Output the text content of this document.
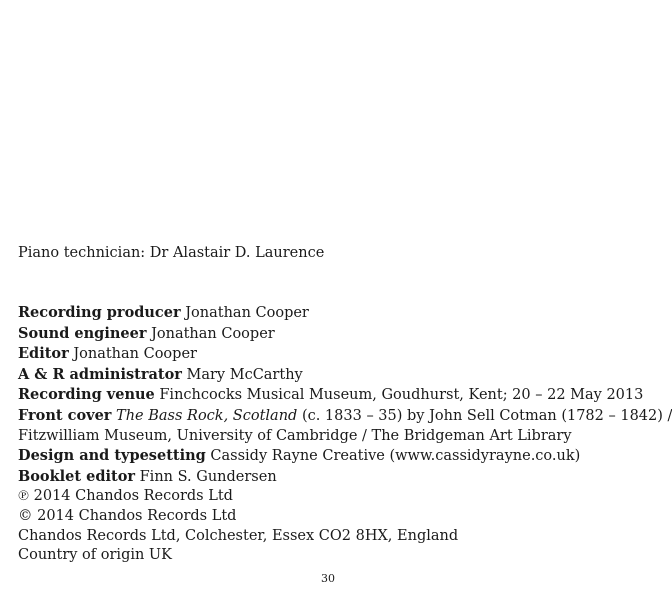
Piano technician: Dr Alastair D. Laurence
Recording producer Jonathan Cooper
Sound engineer Jonathan Cooper
Editor Jonathan Cooper
A & R administrator Mary McCarthy
Recording venue Finchcocks Musical Museum, Goudhurst, Kent; 20 – 22 May 2013
Front cover The Bass Rock, Scotland (c. 1833 – 35) by John Sell Cotman (1782 – 1842) /
Fitzwilliam Museum, University of Cambridge / The Bridgeman Art Library
Design and typesetting Cassidy Rayne Creative (www.cassidyrayne.co.uk)
Booklet editor Finn S. Gundersen
℗ 2014 Chandos Records Ltd
© 2014 Chandos Records Ltd
Chandos Records Ltd, Colchester, Essex CO2 8HX, England
Country of origin UK
30
